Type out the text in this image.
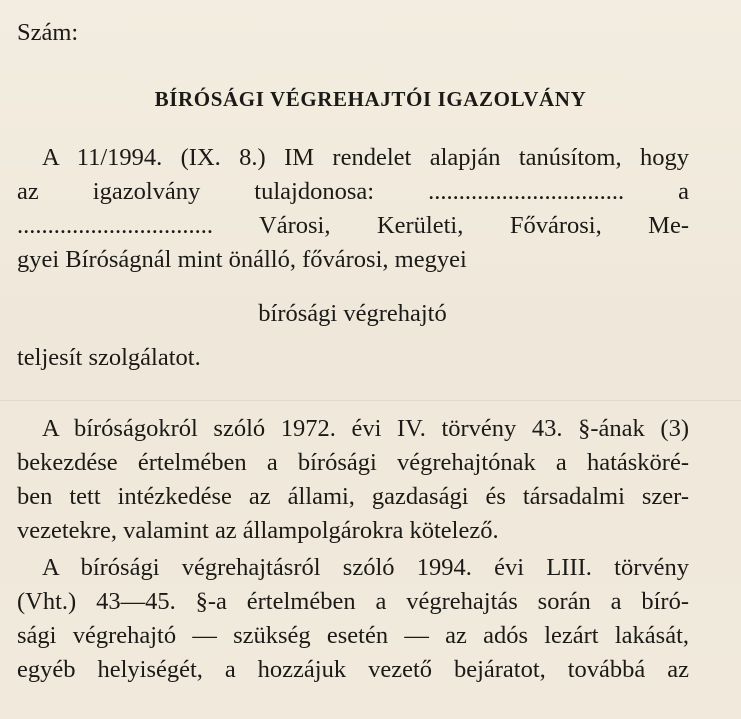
Szám:
BÍRÓSÁGI VÉGREHAJTÓI IGAZOLVÁNY
A 11/1994. (IX. 8.) IM rendelet alapján tanúsítom, hogy
az igazolvány tulajdonosa: ................................ a
................................ Városi, Kerületi, Fővárosi, Me-
gyei Bíróságnál mint önálló, fővárosi, megyei
bírósági végrehajtó
teljesít szolgálatot.
A bíróságokról szóló 1972. évi IV. törvény 43. §-ának (3)
bekezdése értelmében a bírósági végrehajtónak a hatásköré-
ben tett intézkedése az állami, gazdasági és társadalmi szer-
vezetekre, valamint az állampolgárokra kötelező.
A bírósági végrehajtásról szóló 1994. évi LIII. törvény
(Vht.) 43—45. §-a értelmében a végrehajtás során a bíró-
sági végrehajtó — szükség esetén — az adós lezárt lakását,
egyéb helyiségét, a hozzájuk vezető bejáratot, továbbá az
